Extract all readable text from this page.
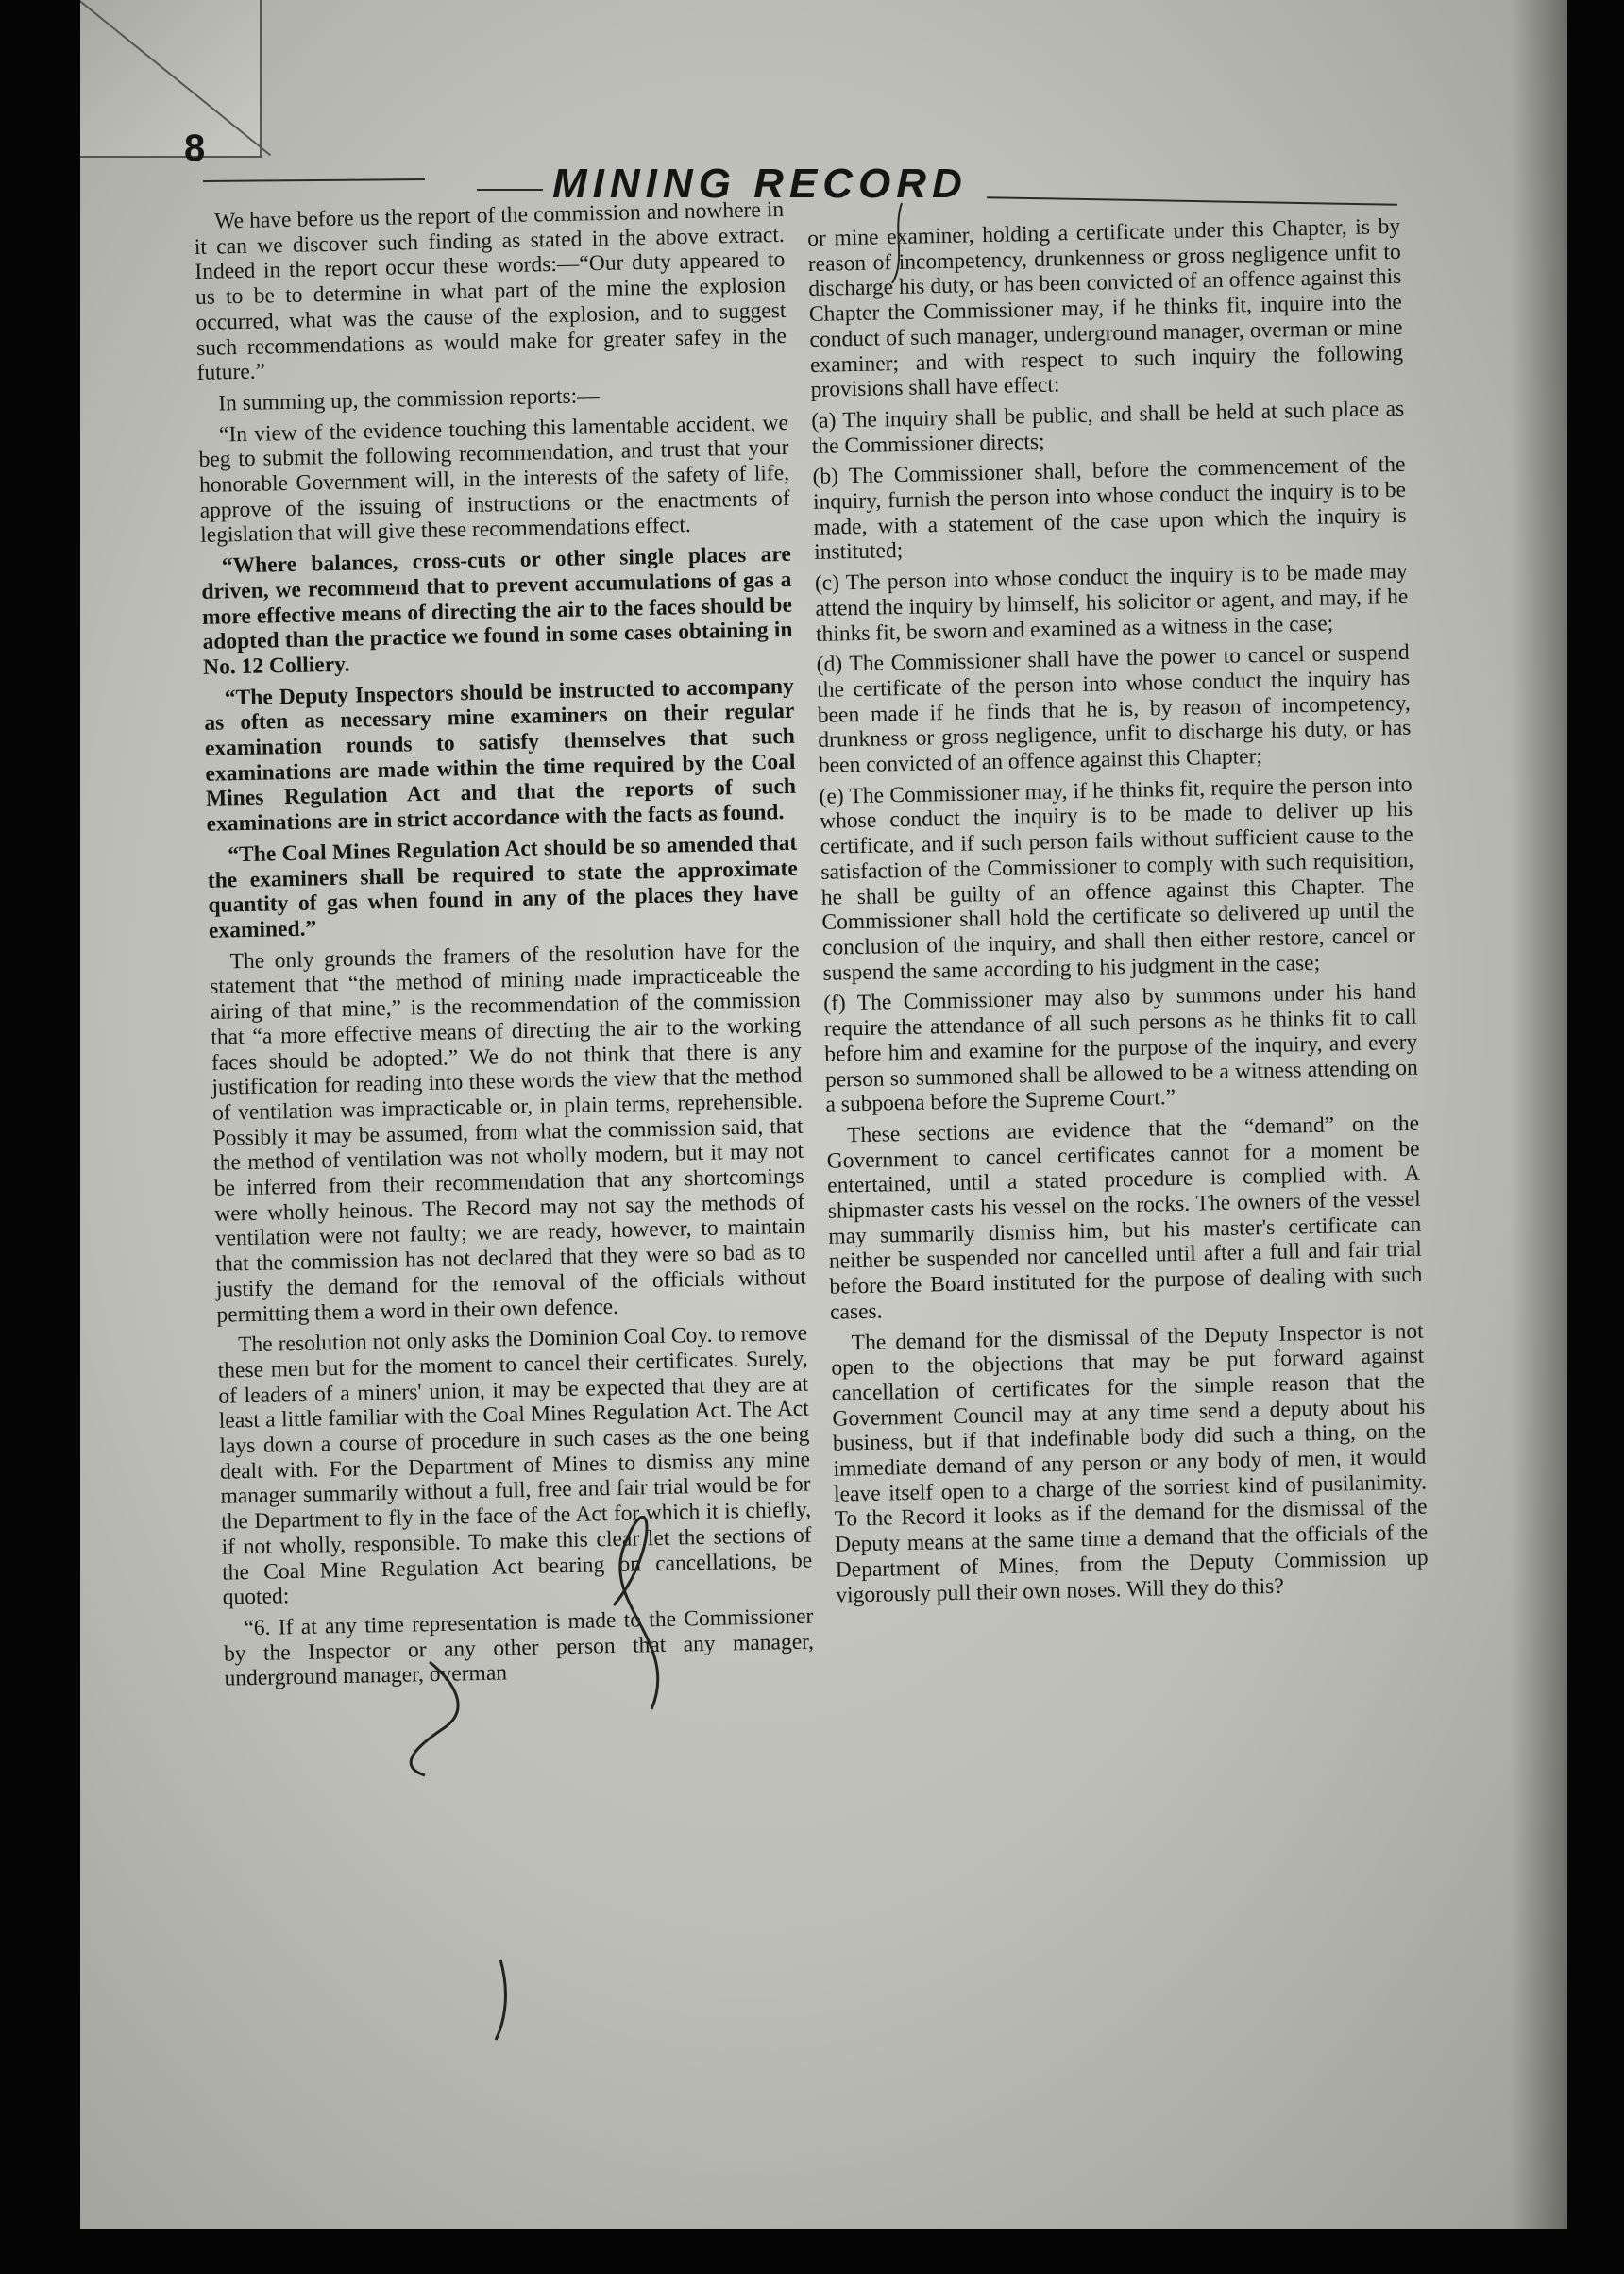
8
MINING RECORD

We have before us the report of the commission and nowhere in it can we discover such finding as stated in the above extract. Indeed in the report occur these words:—“Our duty appeared to us to be to determine in what part of the mine the explosion occurred, what was the cause of the explosion, and to suggest such recommendations as would make for greater safey in the future.”

In summing up, the commission reports:—

“In view of the evidence touching this lamentable accident, we beg to submit the following recommendation, and trust that your honorable Government will, in the interests of the safety of life, approve of the issuing of instructions or the enactments of legislation that will give these recommendations effect.

“Where balances, cross-cuts or other single places are driven, we recommend that to prevent accumulations of gas a more effective means of directing the air to the faces should be adopted than the practice we found in some cases obtaining in No. 12 Colliery.

“The Deputy Inspectors should be instructed to accompany as often as necessary mine examiners on their regular examination rounds to satisfy themselves that such examinations are made within the time required by the Coal Mines Regulation Act and that the reports of such examinations are in strict accordance with the facts as found.

“The Coal Mines Regulation Act should be so amended that the examiners shall be required to state the approximate quantity of gas when found in any of the places they have examined.”

The only grounds the framers of the resolution have for the statement that “the method of mining made impracticeable the airing of that mine,” is the recommendation of the commission that “a more effective means of directing the air to the working faces should be adopted.” We do not think that there is any justification for reading into these words the view that the method of ventilation was impracticable or, in plain terms, reprehensible. Possibly it may be assumed, from what the commission said, that the method of ventilation was not wholly modern, but it may not be inferred from their recommendation that any shortcomings were wholly heinous. The Record may not say the methods of ventilation were not faulty; we are ready, however, to maintain that the commission has not declared that they were so bad as to justify the demand for the removal of the officials without permitting them a word in their own defence.

The resolution not only asks the Dominion Coal Coy. to remove these men but for the moment to cancel their certificates. Surely, of leaders of a miners' union, it may be expected that they are at least a little familiar with the Coal Mines Regulation Act. The Act lays down a course of procedure in such cases as the one being dealt with. For the Department of Mines to dismiss any mine manager summarily without a full, free and fair trial would be for the Department to fly in the face of the Act for which it is chiefly, if not wholly, responsible. To make this clear let the sections of the Coal Mine Regulation Act bearing on cancellations, be quoted:

“6. If at any time representation is made to the Commissioner by the Inspector or any other person that any manager, underground manager, overman

or mine examiner, holding a certificate under this Chapter, is by reason of incompetency, drunkenness or gross negligence unfit to discharge his duty, or has been convicted of an offence against this Chapter the Commissioner may, if he thinks fit, inquire into the conduct of such manager, underground manager, overman or mine examiner; and with respect to such inquiry the following provisions shall have effect:

(a) The inquiry shall be public, and shall be held at such place as the Commissioner directs;

(b) The Commissioner shall, before the commencement of the inquiry, furnish the person into whose conduct the inquiry is to be made, with a statement of the case upon which the inquiry is instituted;

(c) The person into whose conduct the inquiry is to be made may attend the inquiry by himself, his solicitor or agent, and may, if he thinks fit, be sworn and examined as a witness in the case;

(d) The Commissioner shall have the power to cancel or suspend the certificate of the person into whose conduct the inquiry has been made if he finds that he is, by reason of incompetency, drunkness or gross negligence, unfit to discharge his duty, or has been convicted of an offence against this Chapter;

(e) The Commissioner may, if he thinks fit, require the person into whose conduct the inquiry is to be made to deliver up his certificate, and if such person fails without sufficient cause to the satisfaction of the Commissioner to comply with such requisition, he shall be guilty of an offence against this Chapter. The Commissioner shall hold the certificate so delivered up until the conclusion of the inquiry, and shall then either restore, cancel or suspend the same according to his judgment in the case;

(f) The Commissioner may also by summons under his hand require the attendance of all such persons as he thinks fit to call before him and examine for the purpose of the inquiry, and every person so summoned shall be allowed to be a witness attending on a subpoena before the Supreme Court.”

These sections are evidence that the “demand” on the Government to cancel certificates cannot for a moment be entertained, until a stated procedure is complied with. A shipmaster casts his vessel on the rocks. The owners of the vessel may summarily dismiss him, but his master's certificate can neither be suspended nor cancelled until after a full and fair trial before the Board instituted for the purpose of dealing with such cases.

The demand for the dismissal of the Deputy Inspector is not open to the objections that may be put forward against cancellation of certificates for the simple reason that the Government Council may at any time send a deputy about his business, but if that indefinable body did such a thing, on the immediate demand of any person or any body of men, it would leave itself open to a charge of the sorriest kind of pusilanimity. To the Record it looks as if the demand for the dismissal of the Deputy means at the same time a demand that the officials of the Department of Mines, from the Deputy Commission up vigorously pull their own noses. Will they do this?
